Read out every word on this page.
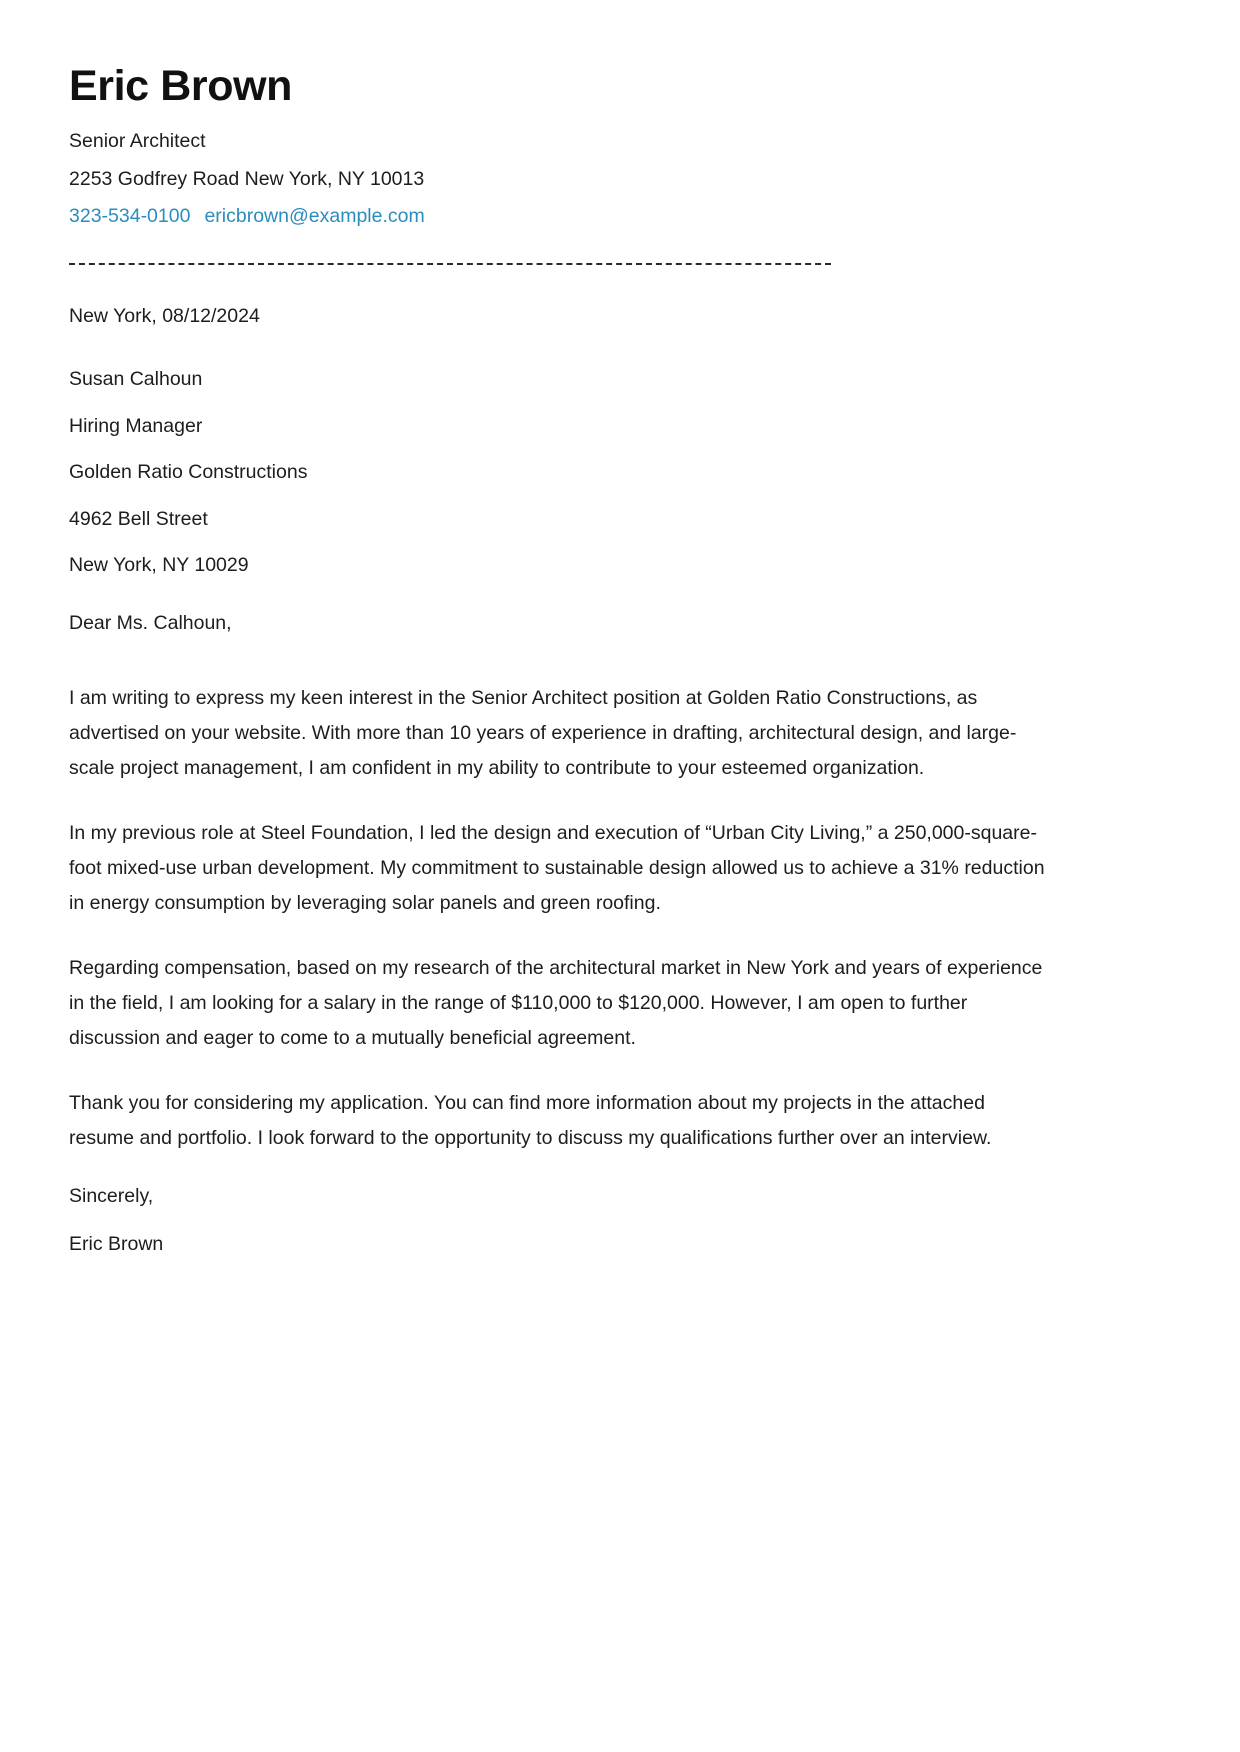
Eric Brown
Senior Architect
2253 Godfrey Road New York, NY 10013
323-534-0100 ericbrown@example.com
New York, 08/12/2024
Susan Calhoun
Hiring Manager
Golden Ratio Constructions
4962 Bell Street
New York, NY 10029
Dear Ms. Calhoun,

I am writing to express my keen interest in the Senior Architect position at Golden Ratio Constructions, as advertised on your website. With more than 10 years of experience in drafting, architectural design, and large-scale project management, I am confident in my ability to contribute to your esteemed organization.

In my previous role at Steel Foundation, I led the design and execution of “Urban City Living,” a 250,000-square-foot mixed-use urban development. My commitment to sustainable design allowed us to achieve a 31% reduction in energy consumption by leveraging solar panels and green roofing.

Regarding compensation, based on my research of the architectural market in New York and years of experience in the field, I am looking for a salary in the range of $110,000 to $120,000. However, I am open to further discussion and eager to come to a mutually beneficial agreement.

Thank you for considering my application. You can find more information about my projects in the attached resume and portfolio. I look forward to the opportunity to discuss my qualifications further over an interview.

Sincerely,
Eric Brown
